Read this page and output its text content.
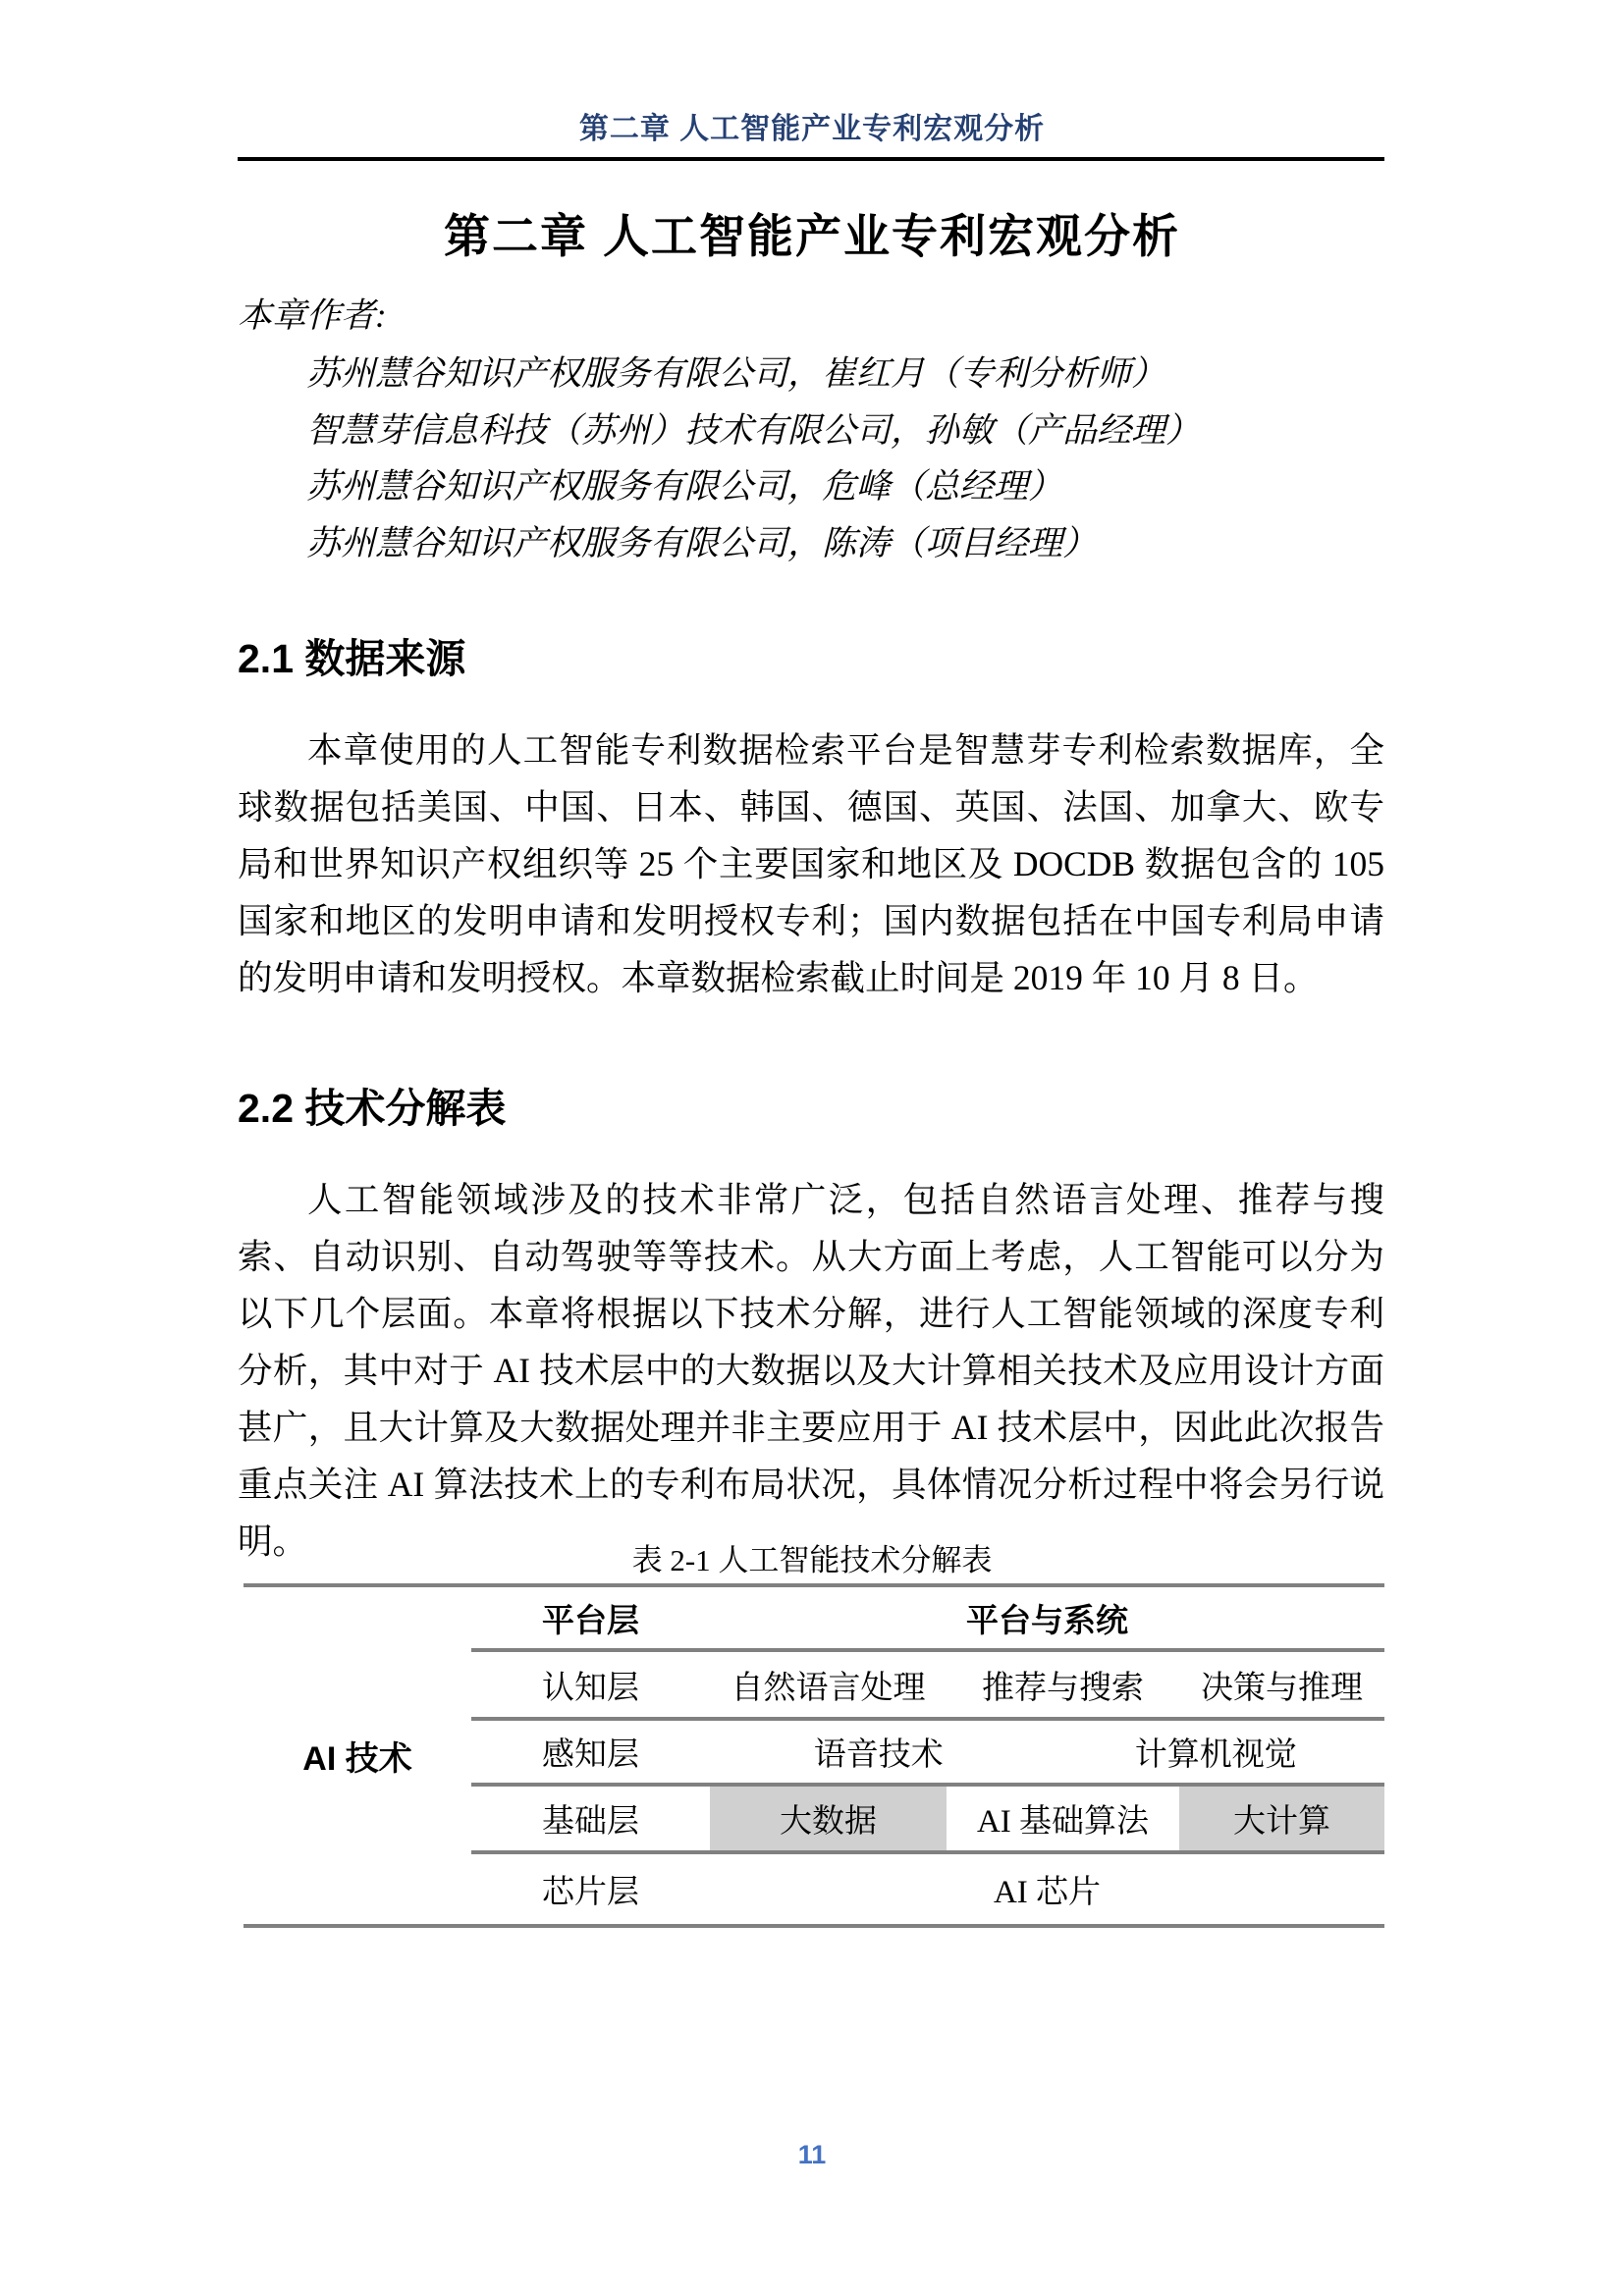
第二章 人工智能产业专利宏观分析
第二章 人工智能产业专利宏观分析
本章作者:
苏州慧谷知识产权服务有限公司，崔红月（专利分析师）
智慧芽信息科技（苏州）技术有限公司，孙敏（产品经理）
苏州慧谷知识产权服务有限公司，危峰（总经理）
苏州慧谷知识产权服务有限公司，陈涛（项目经理）
2.1 数据来源
本章使用的人工智能专利数据检索平台是智慧芽专利检索数据库，全球数据包括美国、中国、日本、韩国、德国、英国、法国、加拿大、欧专局和世界知识产权组织等 25 个主要国家和地区及 DOCDB 数据包含的 105 国家和地区的发明申请和发明授权专利；国内数据包括在中国专利局申请的发明申请和发明授权。本章数据检索截止时间是 2019 年 10 月 8 日。
2.2 技术分解表
人工智能领域涉及的技术非常广泛，包括自然语言处理、推荐与搜索、自动识别、自动驾驶等等技术。从大方面上考虑，人工智能可以分为以下几个层面。本章将根据以下技术分解，进行人工智能领域的深度专利分析，其中对于 AI 技术层中的大数据以及大计算相关技术及应用设计方面甚广，且大计算及大数据处理并非主要应用于 AI 技术层中，因此此次报告重点关注 AI 算法技术上的专利布局状况，具体情况分析过程中将会另行说明。	表 2-1 人工智能技术分解表
AI 技术
平台层	平台与系统
认知层	自然语言处理	推荐与搜索	决策与推理
感知层	语音技术	计算机视觉
基础层	大数据	AI 基础算法	大计算
芯片层	AI 芯片
11
